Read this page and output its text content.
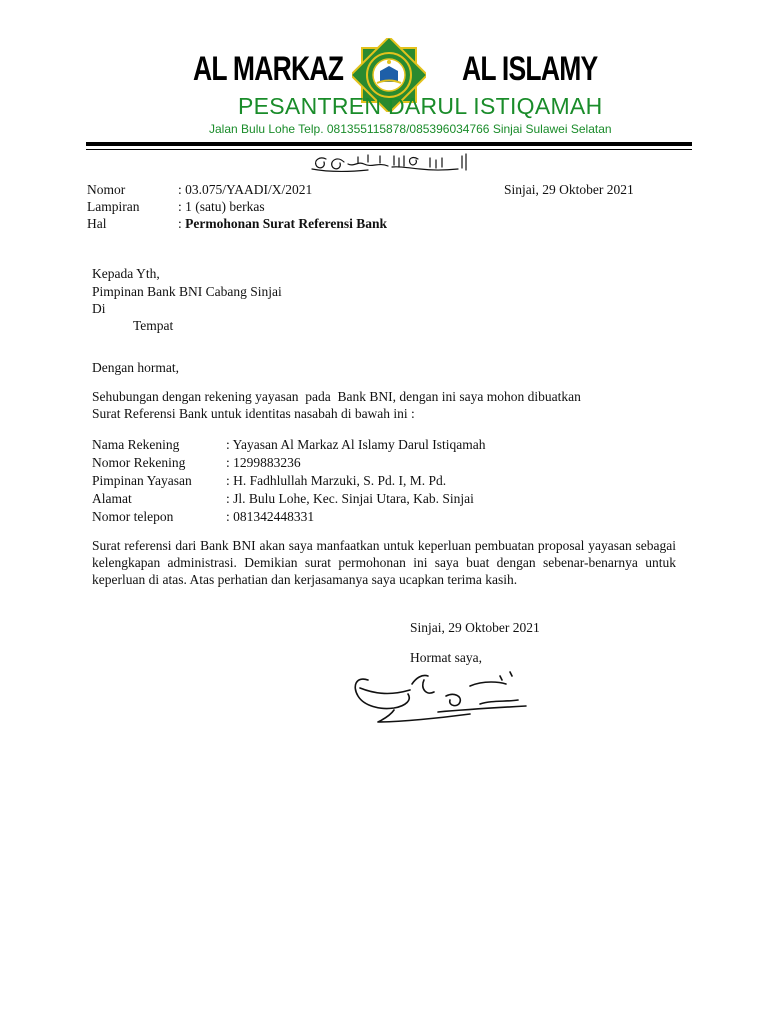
AL MARKAZ	AL ISLAMY
PESANTREN DARUL ISTIQAMAH
Jalan Bulu Lohe Telp. 081355115878/085396034766 Sinjai Sulawei Selatan
Nomor	: 03.075/YAADI/X/2021	Sinjai, 29 Oktober 2021
Lampiran	: 1 (satu) berkas
Hal	: Permohonan Surat Referensi Bank
Kepada Yth,
Pimpinan Bank BNI Cabang Sinjai
Di
Tempat
Dengan hormat,
Sehubungan dengan rekening yayasan  pada  Bank BNI, dengan ini saya mohon dibuatkan
Surat Referensi Bank untuk identitas nasabah di bawah ini :
Nama Rekening	: Yayasan Al Markaz Al Islamy Darul Istiqamah
Nomor Rekening	: 1299883236
Pimpinan Yayasan	: H. Fadhlullah Marzuki, S. Pd. I, M. Pd.
Alamat	: Jl. Bulu Lohe, Kec. Sinjai Utara, Kab. Sinjai
Nomor telepon	: 081342448331
Surat referensi dari Bank BNI akan saya manfaatkan untuk keperluan pembuatan proposal yayasan sebagai kelengkapan administrasi. Demikian surat permohonan ini saya buat dengan sebenar-benarnya untuk keperluan di atas. Atas perhatian dan kerjasamanya saya ucapkan terima kasih.
Sinjai, 29 Oktober 2021
Hormat saya,
